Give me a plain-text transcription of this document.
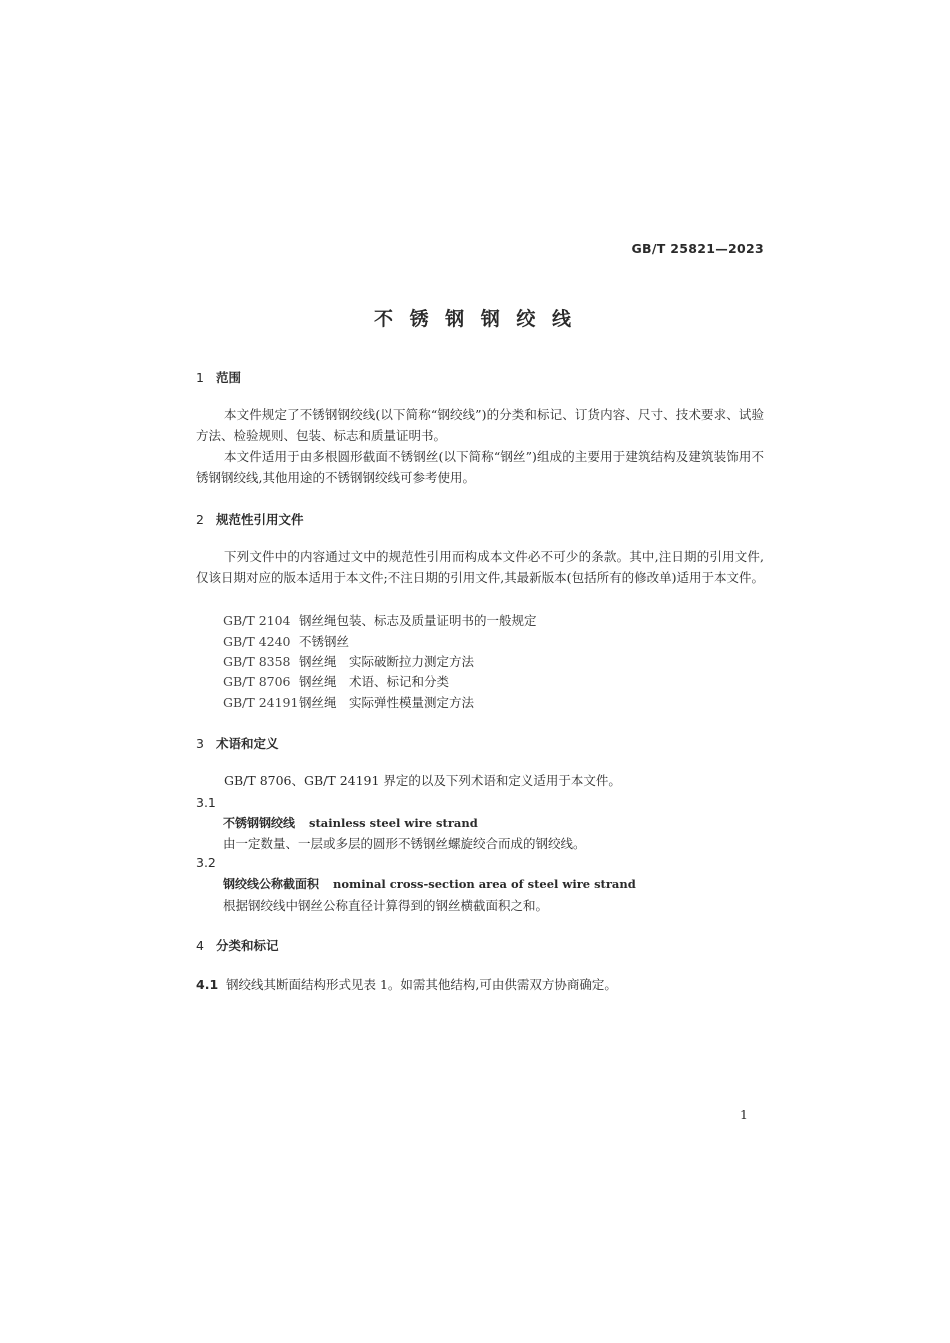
GB/T 25821—2023
不 锈 钢 钢 绞 线
1 范围
本文件规定了不锈钢钢绞线(以下简称“钢绞线”)的分类和标记、订货内容、尺寸、技术要求、试验方法、检验规则、包装、标志和质量证明书。
本文件适用于由多根圆形截面不锈钢丝(以下简称“钢丝”)组成的主要用于建筑结构及建筑装饰用不锈钢钢绞线,其他用途的不锈钢钢绞线可参考使用。
2 规范性引用文件
下列文件中的内容通过文中的规范性引用而构成本文件必不可少的条款。其中,注日期的引用文件,仅该日期对应的版本适用于本文件;不注日期的引用文件,其最新版本(包括所有的修改单)适用于本文件。
GB/T 2104 钢丝绳包装、标志及质量证明书的一般规定
GB/T 4240 不锈钢丝
GB/T 8358 钢丝绳　实际破断拉力测定方法
GB/T 8706 钢丝绳　术语、标记和分类
GB/T 24191钢丝绳　实际弹性模量测定方法
3 术语和定义
GB/T 8706、GB/T 24191 界定的以及下列术语和定义适用于本文件。
3.1
不锈钢钢绞线 stainless steel wire strand
由一定数量、一层或多层的圆形不锈钢丝螺旋绞合而成的钢绞线。
3.2
钢绞线公称截面积 nominal cross-section area of steel wire strand
根据钢绞线中钢丝公称直径计算得到的钢丝横截面积之和。
4 分类和标记
4.1 钢绞线其断面结构形式见表 1。如需其他结构,可由供需双方协商确定。
1
